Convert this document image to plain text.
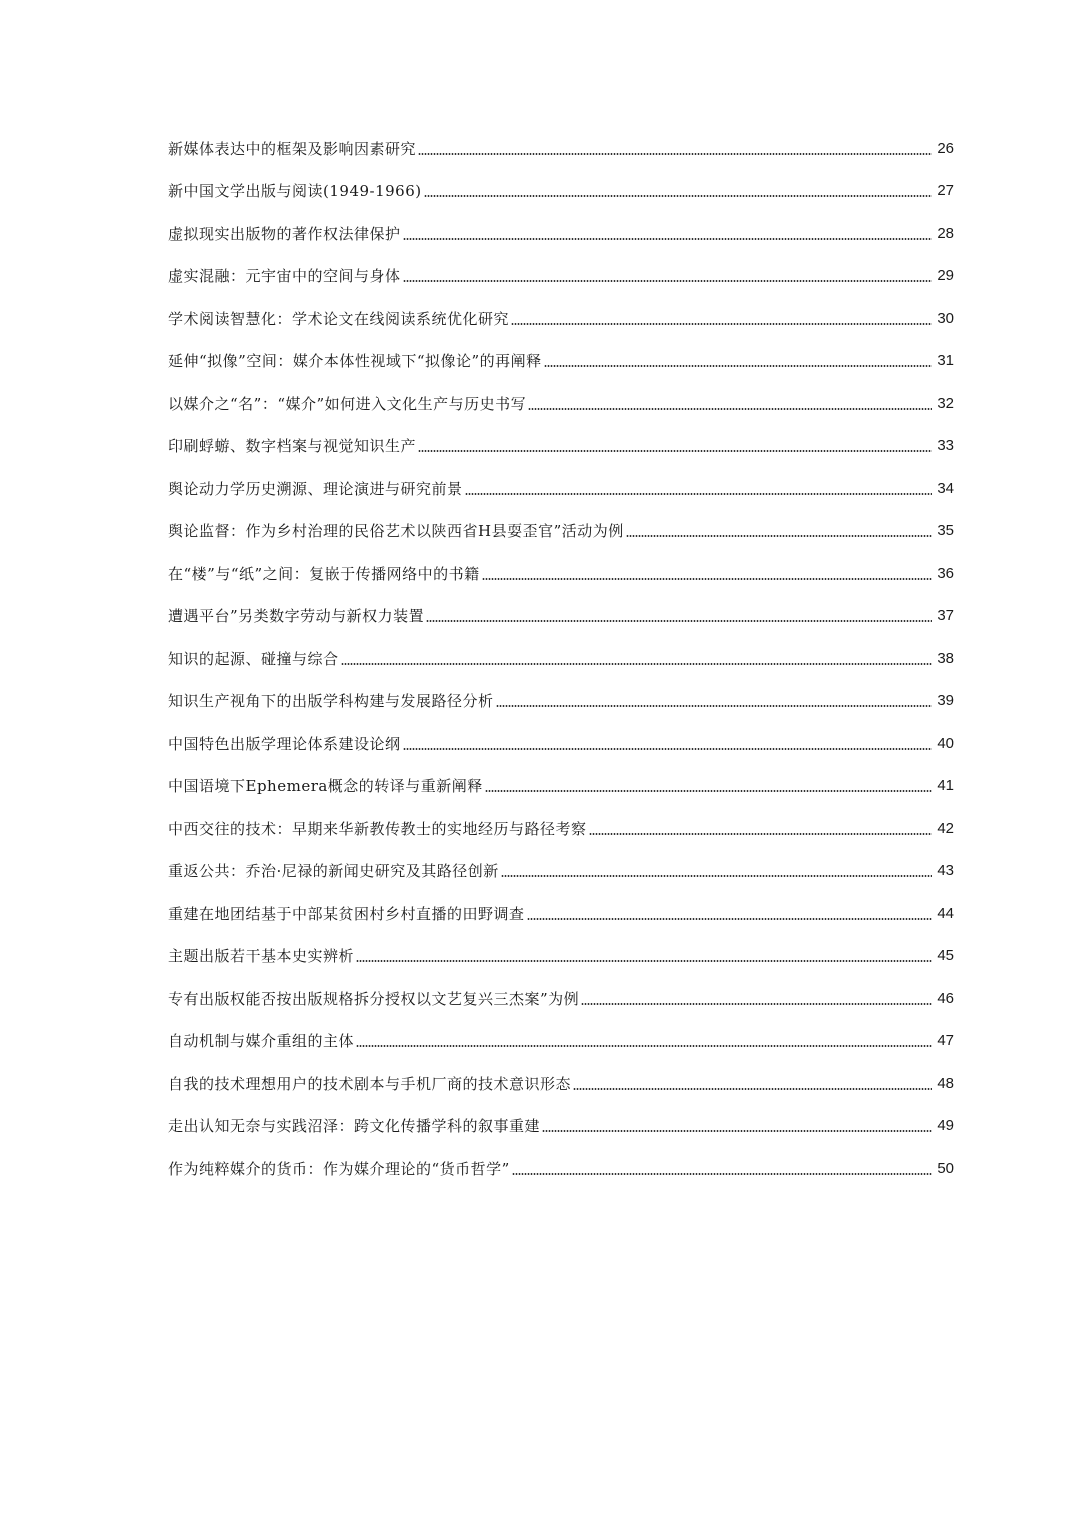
新媒体表达中的框架及影响因素研究	26
新中国文学出版与阅读(1949-1966)	27
虚拟现实出版物的著作权法律保护	28
虚实混融：元宇宙中的空间与身体	29
学术阅读智慧化：学术论文在线阅读系统优化研究	30
延伸“拟像”空间：媒介本体性视域下“拟像论”的再阐释	31
以媒介之“名”：“媒介”如何进入文化生产与历史书写	32
印刷蜉蝣、数字档案与视觉知识生产	33
舆论动力学历史溯源、理论演进与研究前景	34
舆论监督：作为乡村治理的民俗艺术以陕西省H县耍歪官”活动为例	35
在“楼”与“纸”之间：复嵌于传播网络中的书籍	36
遭遇平台”另类数字劳动与新权力装置	37
知识的起源、碰撞与综合	38
知识生产视角下的出版学科构建与发展路径分析	39
中国特色出版学理论体系建设论纲	40
中国语境下Ephemera概念的转译与重新阐释	41
中西交往的技术：早期来华新教传教士的实地经历与路径考察	42
重返公共：乔治·尼禄的新闻史研究及其路径创新	43
重建在地团结基于中部某贫困村乡村直播的田野调查	44
主题出版若干基本史实辨析	45
专有出版权能否按出版规格拆分授权以文艺复兴三杰案”为例	46
自动机制与媒介重组的主体	47
自我的技术理想用户的技术剧本与手机厂商的技术意识形态	48
走出认知无奈与实践沼泽：跨文化传播学科的叙事重建	49
作为纯粹媒介的货币：作为媒介理论的“货币哲学”	50
